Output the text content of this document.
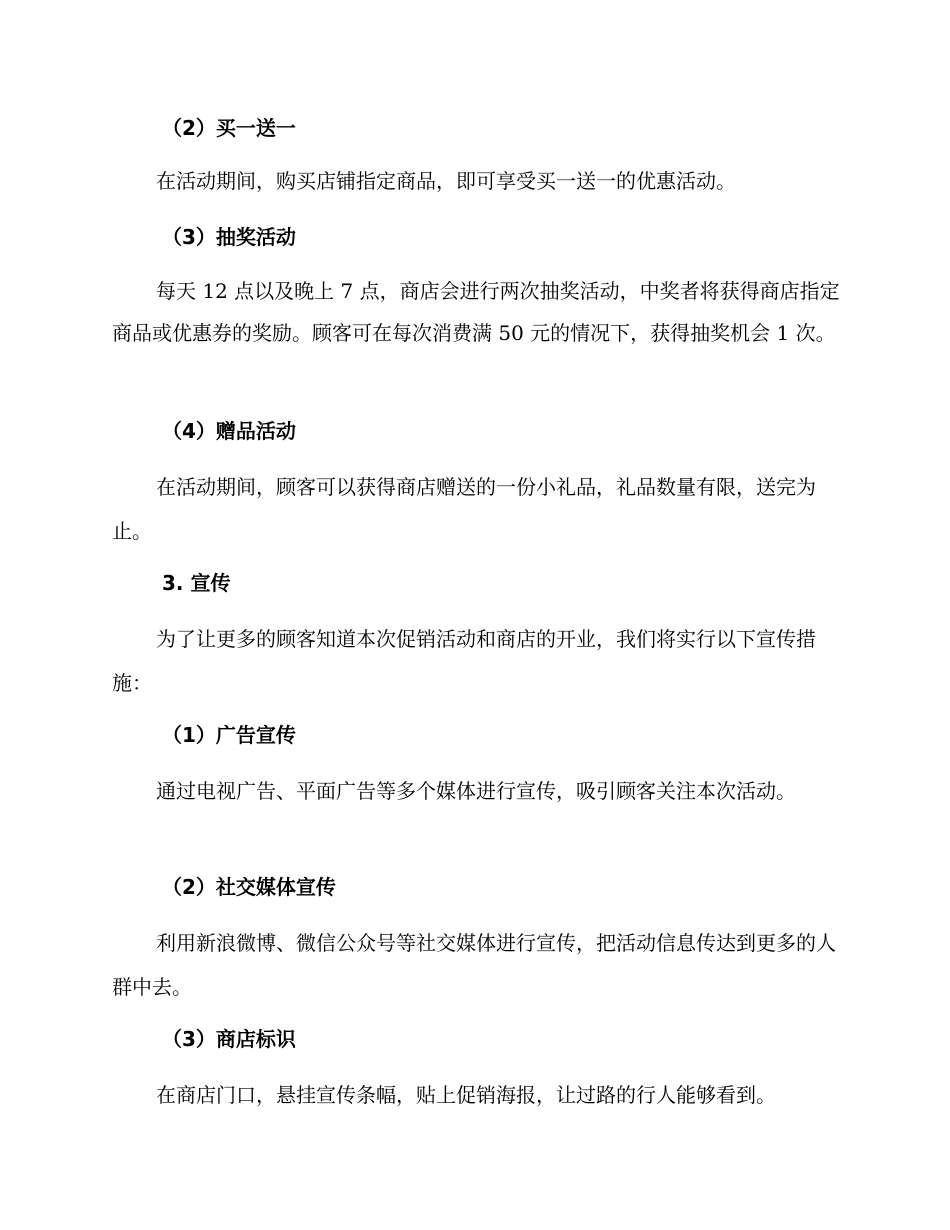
（2）买一送一

在活动期间，购买店铺指定商品，即可享受买一送一的优惠活动。

（3）抽奖活动

每天 12 点以及晚上 7 点，商店会进行两次抽奖活动，中奖者将获得商店指定商品或优惠券的奖励。顾客可在每次消费满 50 元的情况下，获得抽奖机会 1 次。

（4）赠品活动

在活动期间，顾客可以获得商店赠送的一份小礼品，礼品数量有限，送完为止。

3. 宣传

为了让更多的顾客知道本次促销活动和商店的开业，我们将实行以下宣传措施：

（1）广告宣传

通过电视广告、平面广告等多个媒体进行宣传，吸引顾客关注本次活动。

（2）社交媒体宣传

利用新浪微博、微信公众号等社交媒体进行宣传，把活动信息传达到更多的人群中去。

（3）商店标识

在商店门口，悬挂宣传条幅，贴上促销海报，让过路的行人能够看到。
